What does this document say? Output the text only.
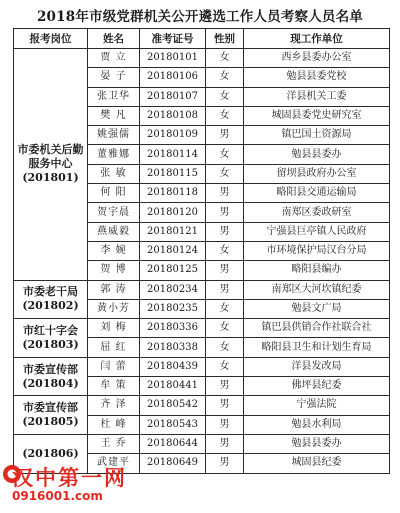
2018年市级党群机关公开遴选工作人员考察人员名单
报考岗位	姓名	准考证号	性别	现工作单位

市委机关后勤服务中心
(201801)	贾 立	20180101	女	西乡县委办公室
	晏 子	20180106	女	勉县县委党校
	张卫华	20180107	女	洋县机关工委
	樊 凡	20180108	女	城固县委党史研究室
	姚强儒	20180109	男	镇巴国土资源局
	董雅娜	20180114	女	勉县县委办
	张 敏	20180115	女	留坝县政府办公室
	何 阳	20180118	男	略阳县交通运输局
	贺宇晨	20180120	男	南郑区委政研室
	燕威毅	20180121	男	宁强县巨亭镇人民政府
	李 婉	20180124	女	市环境保护局汉台分局
	贺 博	20180125	男	略阳县编办

市委老干局
(201802)	郭 涛	20180234	男	南郑区大河坎镇纪委
	黄小芳	20180235	女	勉县文广局

市红十字会
(201803)	刘 梅	20180336	女	镇巴县供销合作社联合社
	屈 红	20180338	女	略阳县卫生和计划生育局

市委宣传部
(201804)	闫 蕾	20180439	女	洋县发改局
	牟 策	20180441	男	佛坪县纪委

市委宣传部
(201805)	齐 泽	20180542	男	宁强法院
	杜 峰	20180543	男	勉县水利局

(201806)	王 乔	20180644	男	勉县县委办
	武建平	20180649	男	城固县纪委
汉中第一网
0916001.com
